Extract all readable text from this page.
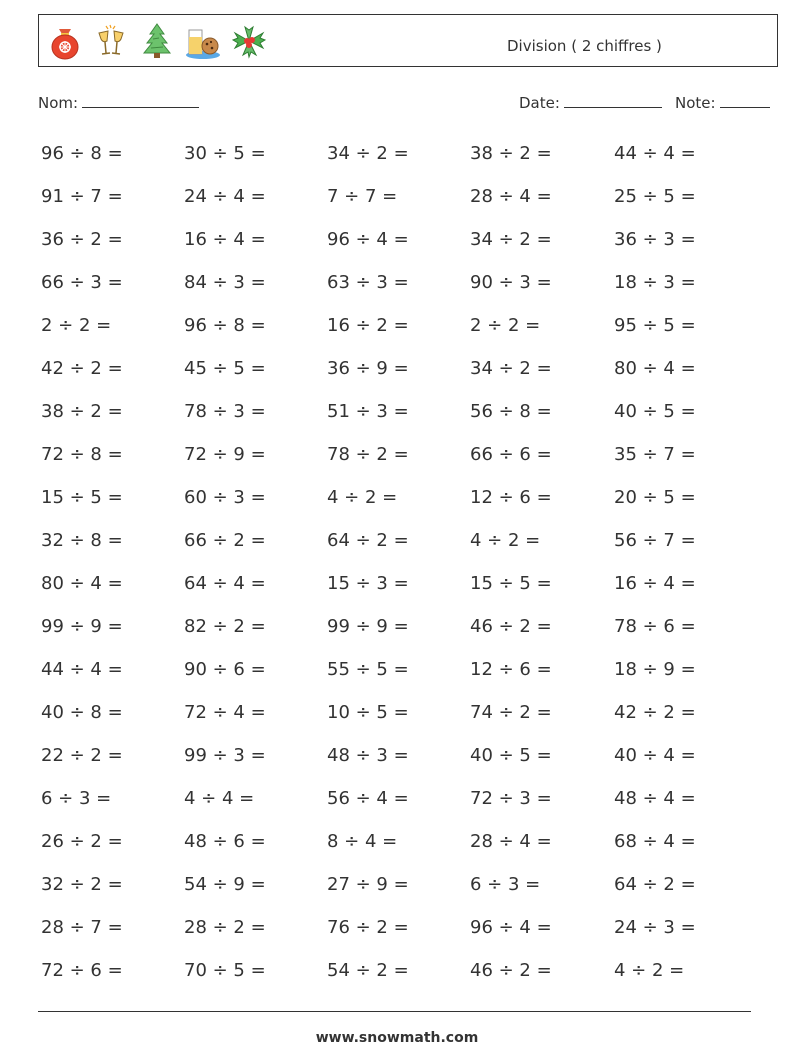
Division ( 2 chiffres )
Nom:	Date:	Note:
96 ÷ 8 =	30 ÷ 5 =	34 ÷ 2 =	38 ÷ 2 =	44 ÷ 4 =
91 ÷ 7 =	24 ÷ 4 =	7 ÷ 7 =	28 ÷ 4 =	25 ÷ 5 =
36 ÷ 2 =	16 ÷ 4 =	96 ÷ 4 =	34 ÷ 2 =	36 ÷ 3 =
66 ÷ 3 =	84 ÷ 3 =	63 ÷ 3 =	90 ÷ 3 =	18 ÷ 3 =
2 ÷ 2 =	96 ÷ 8 =	16 ÷ 2 =	2 ÷ 2 =	95 ÷ 5 =
42 ÷ 2 =	45 ÷ 5 =	36 ÷ 9 =	34 ÷ 2 =	80 ÷ 4 =
38 ÷ 2 =	78 ÷ 3 =	51 ÷ 3 =	56 ÷ 8 =	40 ÷ 5 =
72 ÷ 8 =	72 ÷ 9 =	78 ÷ 2 =	66 ÷ 6 =	35 ÷ 7 =
15 ÷ 5 =	60 ÷ 3 =	4 ÷ 2 =	12 ÷ 6 =	20 ÷ 5 =
32 ÷ 8 =	66 ÷ 2 =	64 ÷ 2 =	4 ÷ 2 =	56 ÷ 7 =
80 ÷ 4 =	64 ÷ 4 =	15 ÷ 3 =	15 ÷ 5 =	16 ÷ 4 =
99 ÷ 9 =	82 ÷ 2 =	99 ÷ 9 =	46 ÷ 2 =	78 ÷ 6 =
44 ÷ 4 =	90 ÷ 6 =	55 ÷ 5 =	12 ÷ 6 =	18 ÷ 9 =
40 ÷ 8 =	72 ÷ 4 =	10 ÷ 5 =	74 ÷ 2 =	42 ÷ 2 =
22 ÷ 2 =	99 ÷ 3 =	48 ÷ 3 =	40 ÷ 5 =	40 ÷ 4 =
6 ÷ 3 =	4 ÷ 4 =	56 ÷ 4 =	72 ÷ 3 =	48 ÷ 4 =
26 ÷ 2 =	48 ÷ 6 =	8 ÷ 4 =	28 ÷ 4 =	68 ÷ 4 =
32 ÷ 2 =	54 ÷ 9 =	27 ÷ 9 =	6 ÷ 3 =	64 ÷ 2 =
28 ÷ 7 =	28 ÷ 2 =	76 ÷ 2 =	96 ÷ 4 =	24 ÷ 3 =
72 ÷ 6 =	70 ÷ 5 =	54 ÷ 2 =	46 ÷ 2 =	4 ÷ 2 =
www.snowmath.com
